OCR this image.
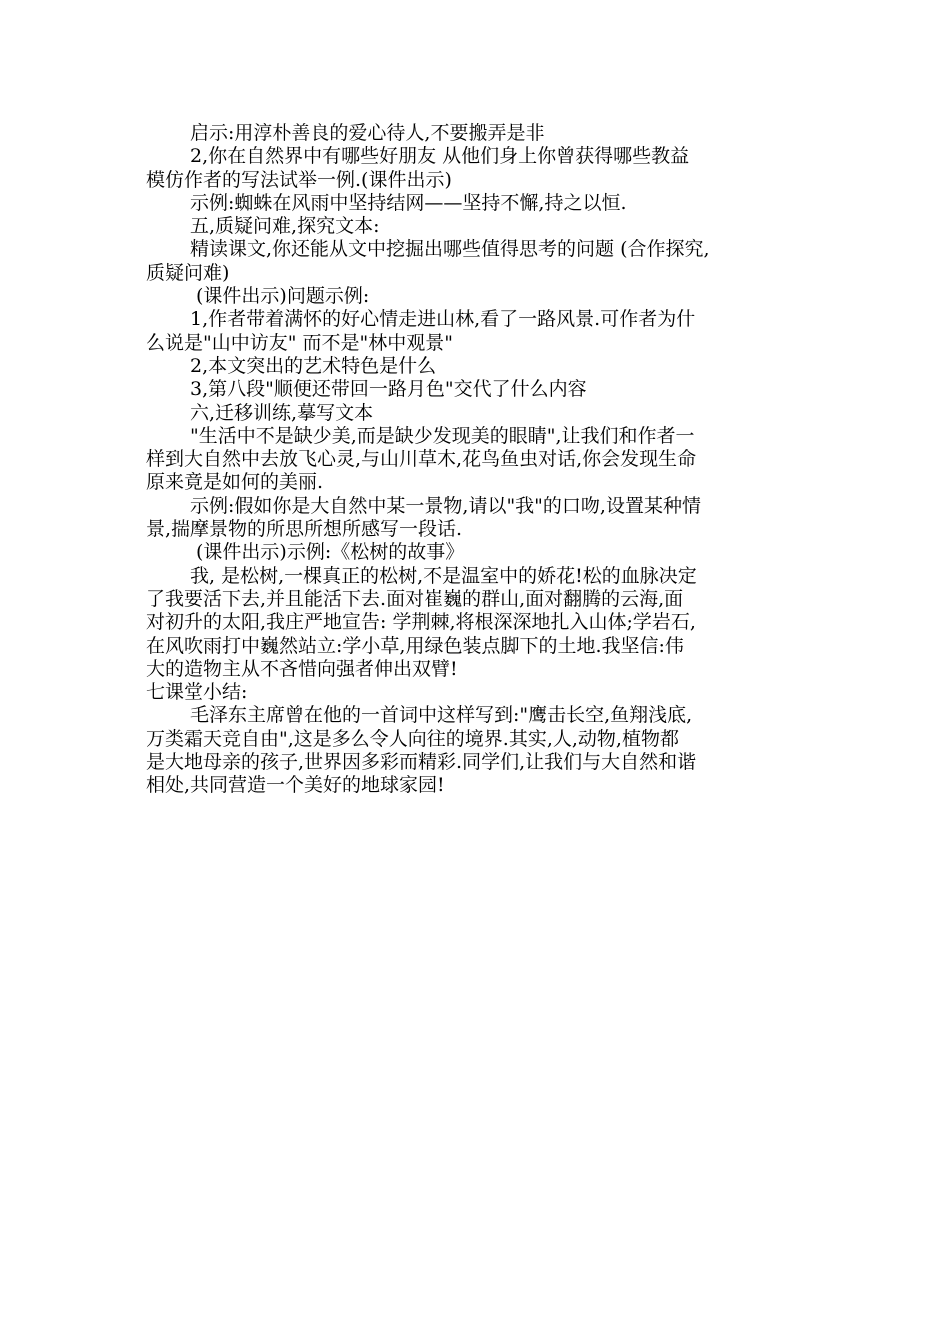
启示:用淳朴善良的爱心待人,不要搬弄是非
2,你在自然界中有哪些好朋友 从他们身上你曾获得哪些教益
模仿作者的写法试举一例.(课件出示)
示例:蜘蛛在风雨中坚持结网——坚持不懈,持之以恒.
五,质疑问难,探究文本:
精读课文,你还能从文中挖掘出哪些值得思考的问题 (合作探究,
质疑问难)
(课件出示)问题示例:
1,作者带着满怀的好心情走进山林,看了一路风景.可作者为什
么说是"山中访友" 而不是"林中观景"
2,本文突出的艺术特色是什么
3,第八段"顺便还带回一路月色"交代了什么内容
六,迁移训练,摹写文本
"生活中不是缺少美,而是缺少发现美的眼睛",让我们和作者一
样到大自然中去放飞心灵,与山川草木,花鸟鱼虫对话,你会发现生命
原来竟是如何的美丽.
示例:假如你是大自然中某一景物,请以"我"的口吻,设置某种情
景,揣摩景物的所思所想所感写一段话.
(课件出示)示例:《松树的故事》
我, 是松树,一棵真正的松树,不是温室中的娇花!松的血脉决定
了我要活下去,并且能活下去.面对崔巍的群山,面对翻腾的云海,面
对初升的太阳,我庄严地宣告: 学荆棘,将根深深地扎入山体;学岩石,
在风吹雨打中巍然站立:学小草,用绿色装点脚下的土地.我坚信:伟
大的造物主从不吝惜向强者伸出双臂!
七课堂小结:
毛泽东主席曾在他的一首词中这样写到:"鹰击长空,鱼翔浅底,
万类霜天竞自由",这是多么令人向往的境界.其实,人,动物,植物都
是大地母亲的孩子,世界因多彩而精彩.同学们,让我们与大自然和谐
相处,共同营造一个美好的地球家园!
